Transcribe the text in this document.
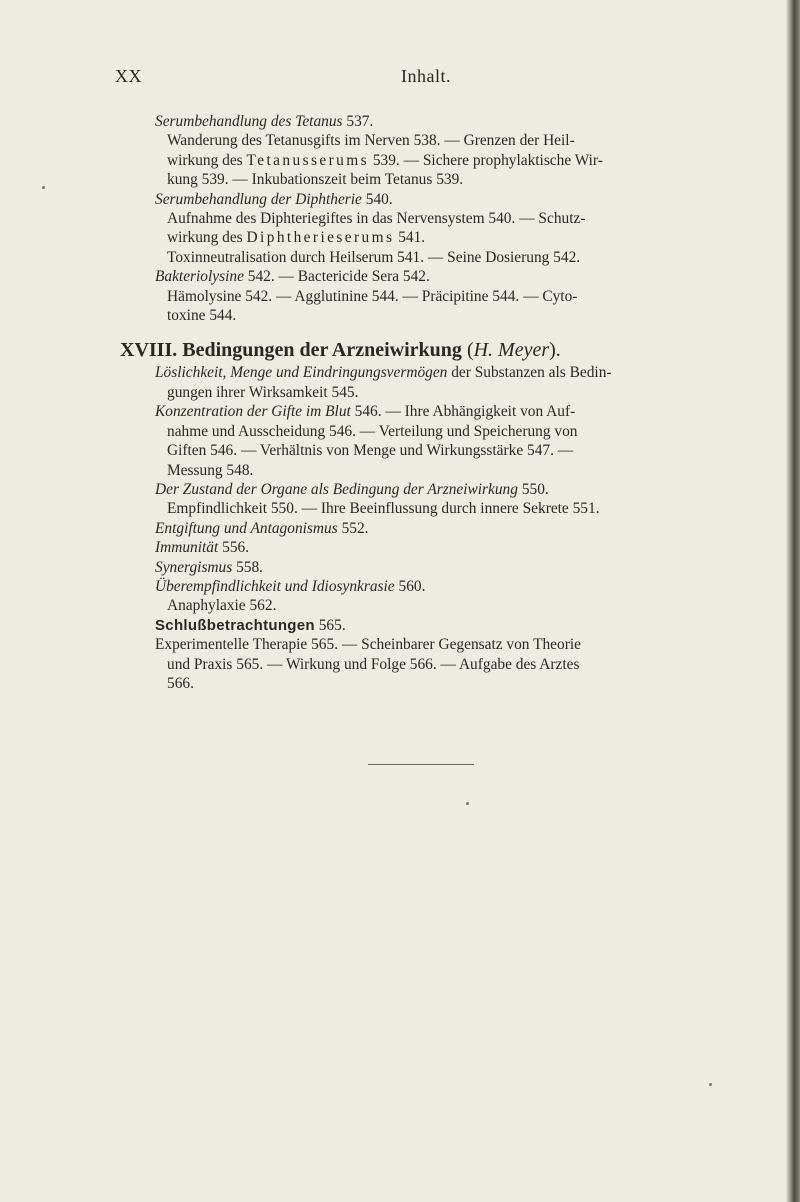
XX	Inhalt.
Serumbehandlung des Tetanus 537.
Wanderung des Tetanusgifts im Nerven 538. — Grenzen der Heil-
wirkung des Tetanusserums 539. — Sichere prophylaktische Wir-
kung 539. — Inkubationszeit beim Tetanus 539.
Serumbehandlung der Diphtherie 540.
Aufnahme des Diphteriegiftes in das Nervensystem 540. — Schutz-
wirkung des Diphtherieserums 541.
Toxinneutralisation durch Heilserum 541. — Seine Dosierung 542.
Bakteriolysine 542. — Bactericide Sera 542.
Hämolysine 542. — Agglutinine 544. — Präcipitine 544. — Cyto-
toxine 544.
XVIII. Bedingungen der Arzneiwirkung (H. Meyer).
Löslichkeit, Menge und Eindringungsvermögen der Substanzen als Bedin-
gungen ihrer Wirksamkeit 545.
Konzentration der Gifte im Blut 546. — Ihre Abhängigkeit von Auf-
nahme und Ausscheidung 546. — Verteilung und Speicherung von
Giften 546. — Verhältnis von Menge und Wirkungsstärke 547. —
Messung 548.
Der Zustand der Organe als Bedingung der Arzneiwirkung 550.
Empfindlichkeit 550. — Ihre Beeinflussung durch innere Sekrete 551.
Entgiftung und Antagonismus 552.
Immunität 556.
Synergismus 558.
Überempfindlichkeit und Idiosynkrasie 560.
Anaphylaxie 562.
Schlußbetrachtungen 565.
Experimentelle Therapie 565. — Scheinbarer Gegensatz von Theorie
und Praxis 565. — Wirkung und Folge 566. — Aufgabe des Arztes
566.
